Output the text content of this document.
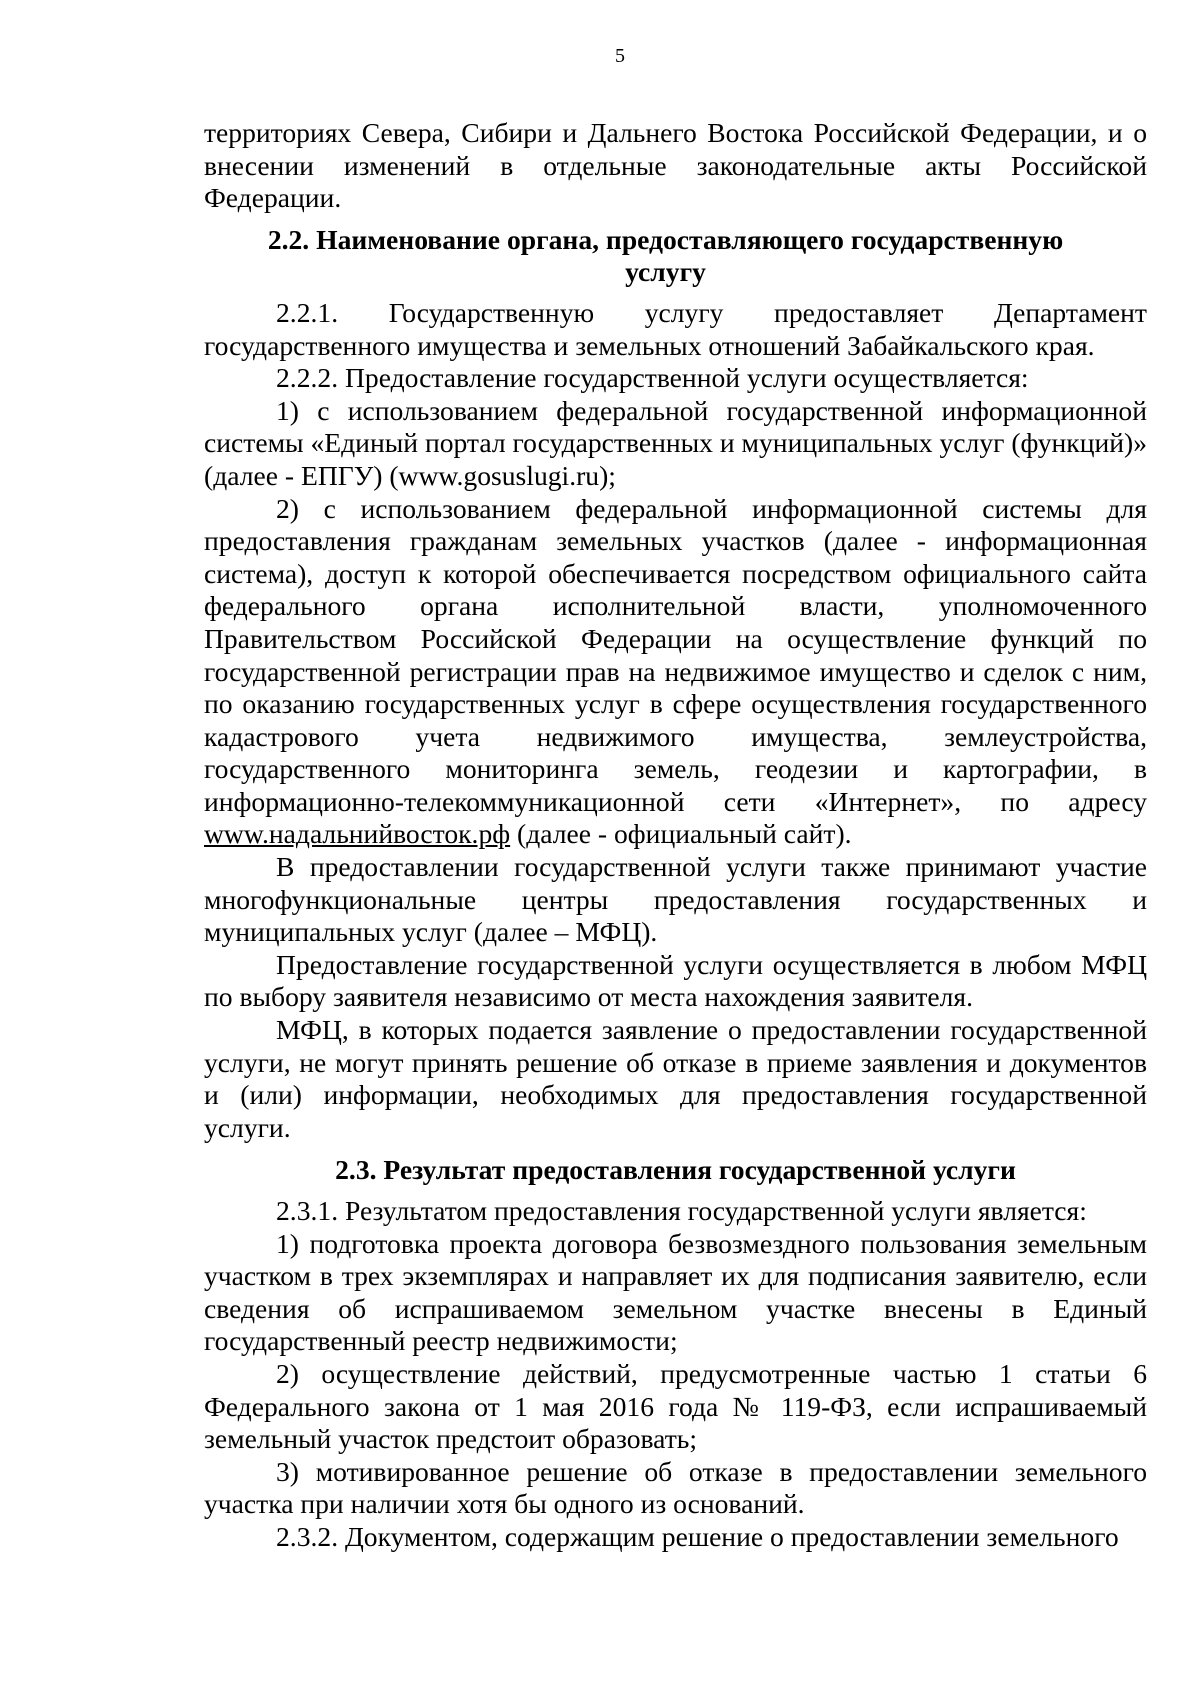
5

территориях Севера, Сибири и Дальнего Востока Российской Федерации, и о внесении изменений в отдельные законодательные акты Российской Федерации.

2.2. Наименование органа, предоставляющего государственную услугу

2.2.1. Государственную услугу предоставляет Департамент государственного имущества и земельных отношений Забайкальского края.

2.2.2. Предоставление государственной услуги осуществляется:

1) с использованием федеральной государственной информационной системы «Единый портал государственных и муниципальных услуг (функций)» (далее - ЕПГУ) (www.gosuslugi.ru);

2) с использованием федеральной информационной системы для предоставления гражданам земельных участков (далее - информационная система), доступ к которой обеспечивается посредством официального сайта федерального органа исполнительной власти, уполномоченного Правительством Российской Федерации на осуществление функций по государственной регистрации прав на недвижимое имущество и сделок с ним, по оказанию государственных услуг в сфере осуществления государственного кадастрового учета недвижимого имущества, землеустройства, государственного мониторинга земель, геодезии и картографии, в информационно-телекоммуникационной сети «Интернет», по адресу www.надальнийвосток.рф (далее - официальный сайт).

В предоставлении государственной услуги также принимают участие многофункциональные центры предоставления государственных и муниципальных услуг (далее – МФЦ).

Предоставление государственной услуги осуществляется в любом МФЦ по выбору заявителя независимо от места нахождения заявителя.

МФЦ, в которых подается заявление о предоставлении государственной услуги, не могут принять решение об отказе в приеме заявления и документов и (или) информации, необходимых для предоставления государственной услуги.

2.3. Результат предоставления государственной услуги

2.3.1. Результатом предоставления государственной услуги является:

1) подготовка проекта договора безвозмездного пользования земельным участком в трех экземплярах и направляет их для подписания заявителю, если сведения об испрашиваемом земельном участке внесены в Единый государственный реестр недвижимости;

2) осуществление действий, предусмотренные частью 1 статьи 6 Федерального закона от 1 мая 2016 года № 119-ФЗ, если испрашиваемый земельный участок предстоит образовать;

3) мотивированное решение об отказе в предоставлении земельного участка при наличии хотя бы одного из оснований.

2.3.2. Документом, содержащим решение о предоставлении земельного
